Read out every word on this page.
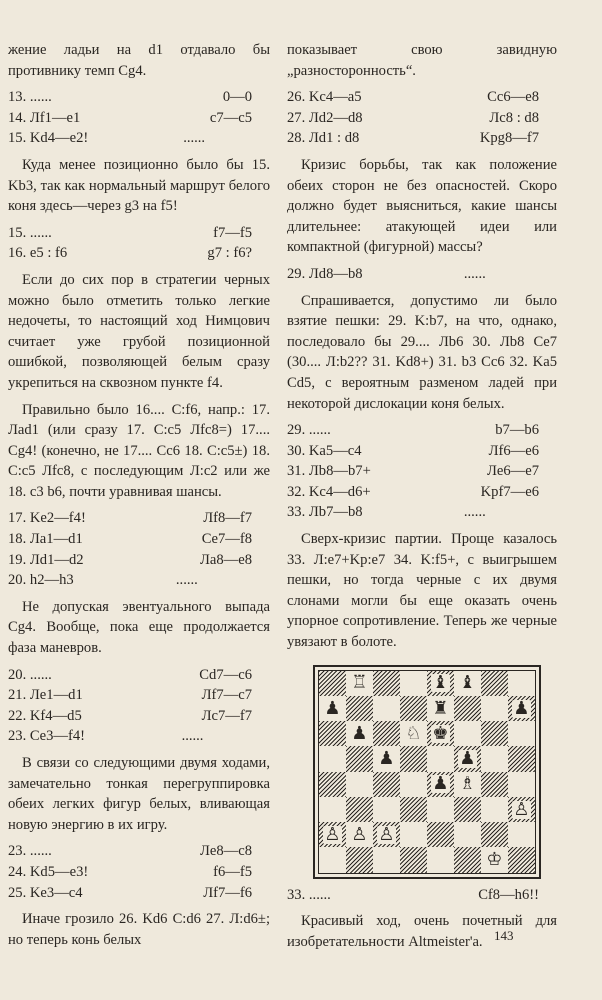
жение ладьи на d1 отдавало бы противнику темп Cg4.

13. ......	0—0
14. Лf1—e1	c7—c5
15. Kd4—e2!	......

Куда менее позиционно было бы 15. Kb3, так как нормальный маршрут белого коня здесь—через g3 на f5!

15. ......	f7—f5
16. e5 : f6	g7 : f6?

Если до сих пор в стратегии черных можно было отметить только легкие недочеты, то настоящий ход Нимцович считает уже грубой позиционной ошибкой, позволяющей белым сразу укрепиться на сквозном пункте f4.

Правильно было 16.... C:f6, напр.: 17. Лad1 (или сразу 17. C:c5 Лfc8=) 17.... Cg4! (конечно, не 17.... Cc6 18. C:c5±) 18. C:c5 Лfc8, с последующим Л:c2 или же 18. c3 b6, почти уравнивая шансы.

17. Ke2—f4!	Лf8—f7
18. Лa1—d1	Ce7—f8
19. Лd1—d2	Лa8—e8
20. h2—h3	......

Не допуская эвентуального выпада Cg4. Вообще, пока еще продолжается фаза маневров.

20. ......	Cd7—c6
21. Лe1—d1	Лf7—c7
22. Kf4—d5	Лc7—f7
23. Ce3—f4!	......

В связи со следующими двумя ходами, замечательно тонкая перегруппировка обеих легких фигур белых, вливающая новую энергию в их игру.

23. ......	Лe8—c8
24. Kd5—e3!	f6—f5
25. Ke3—c4	Лf7—f6

Иначе грозило 26. Kd6 C:d6 27. Л:d6±; но теперь конь белых

показывает свою завидную „разносторонность“.

26. Kc4—a5	Cc6—e8
27. Лd2—d8	Лc8 : d8
28. Лd1 : d8	Kpg8—f7

Кризис борьбы, так как положение обеих сторон не без опасностей. Скоро должно будет выясниться, какие шансы длительнее: атакующей идеи или компактной (фигурной) массы?

29. Лd8—b8	......

Спрашивается, допустимо ли было взятие пешки: 29. K:b7, на что, однако, последовало бы 29.... Лb6 30. Лb8 Ce7 (30.... Л:b2?? 31. Kd8+) 31. b3 Cc6 32. Ka5 Cd5, с вероятным разменом ладей при некоторой дислокации коня белых.

29. ......	b7—b6
30. Ka5—c4	Лf6—e6
31. Лb8—b7+	Лe6—e7
32. Kc4—d6+	Kpf7—e6
33. Лb7—b8	......

Сверх-кризис партии. Проще казалось 33. Л:e7+Kp:e7 34. K:f5+, с выигрышем пешки, но тогда черные с их двумя слонами могли бы еще оказать очень упорное сопротивление. Теперь же черные увязают в болоте.

♖	♝ ♝
♟	♜	♟
♟ ♘ ♚
♟	♟
♟ ♗
♙
♙ ♙ ♙
♔
33. ......	Cf8—h6!!

Красивый ход, очень почетный для изобретательности Altmeister'a. 143
